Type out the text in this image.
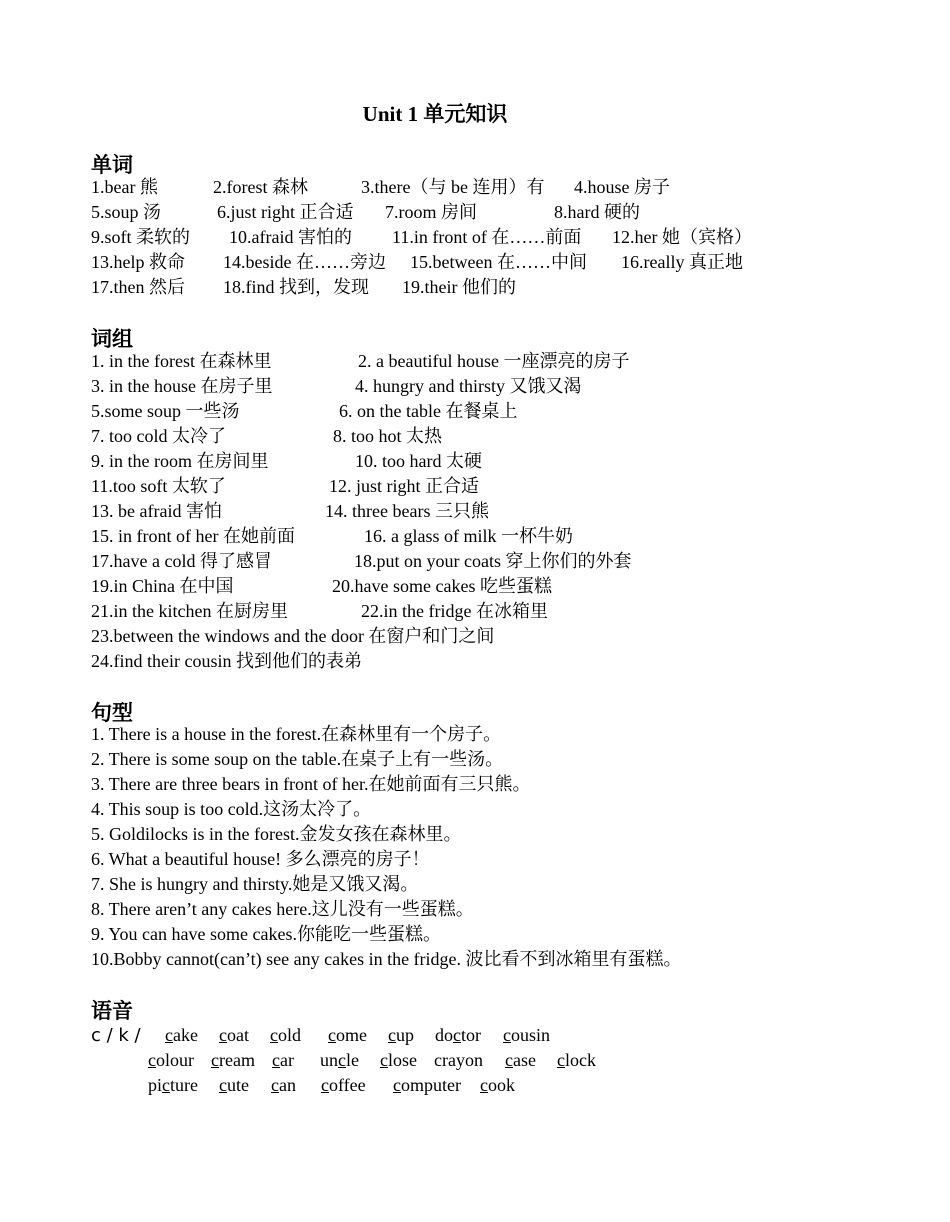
Unit 1 单元知识
单词
1.bear 熊	2.forest 森林	3.there（与 be 连用）有 4.house 房子
5.soup 汤	6.just right 正合适 7.room 房间	8.hard 硬的
9.soft 柔软的 10.afraid 害怕的 11.in front of 在……前面 12.her 她（宾格）
13.help 救命 14.beside 在……旁边 15.between 在……中间 16.really 真正地
17.then 然后 18.find 找到，发现 19.their 他们的
词组
1. in the forest 在森林里	2. a beautiful house 一座漂亮的房子
3. in the house 在房子里	4. hungry and thirsty 又饿又渴
5.some soup 一些汤	6. on the table 在餐桌上
7. too cold 太冷了	8. too hot 太热
9. in the room 在房间里	10. too hard 太硬
11.too soft 太软了	12. just right 正合适
13. be afraid 害怕	14. three bears 三只熊
15. in front of her 在她前面	16. a glass of milk 一杯牛奶
17.have a cold 得了感冒	18.put on your coats 穿上你们的外套
19.in China 在中国	20.have some cakes 吃些蛋糕
21.in the kitchen 在厨房里	22.in the fridge 在冰箱里
23.between the windows and the door 在窗户和门之间
24.find their cousin 找到他们的表弟
句型
1. There is a house in the forest.在森林里有一个房子。
2. There is some soup on the table.在桌子上有一些汤。
3. There are three bears in front of her.在她前面有三只熊。
4. This soup is too cold.这汤太冷了。
5. Goldilocks is in the forest.金发女孩在森林里。
6. What a beautiful house! 多么漂亮的房子！
7. She is hungry and thirsty.她是又饿又渴。
8. There aren’t any cakes here.这儿没有一些蛋糕。
9. You can have some cakes.你能吃一些蛋糕。
10.Bobby cannot(can’t) see any cakes in the fridge. 波比看不到冰箱里有蛋糕。
语音
c / k / cake coat cold come cup doctor cousin
colour cream car uncle close crayon case clock
picture cute can coffee computer cook
